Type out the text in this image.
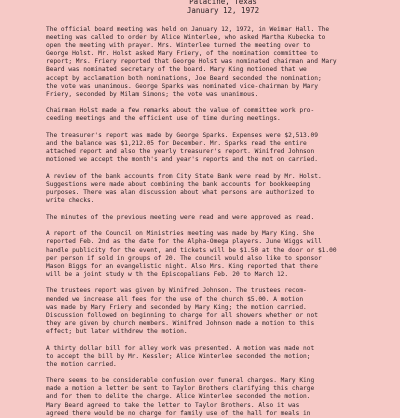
Palacine, Texas
January 12, 1972
The official board meeting was held on January 12, 1972, in Weimar Hall. The
meeting was called to order by Alice Winterlee, who asked Martha Kubecka to
open the meeting with prayer. Mrs. Winterlee turned the meeting over to
George Holst. Mr. Holst asked Mary Friery, of the nomination committee to
report; Mrs. Friery reported that George Holst was nominated chairman and Mary
Beard was nominated secretary of the board. Mary King motioned that we
accept by acclamation both nominations, Joe Beard seconded the nomination;
the vote was unanimous. George Sparks was nominated vice-chairman by Mary
Friery, seconded by Milam Simons; the vote was unanimous.
Chairman Holst made a few remarks about the value of committee work pro-
ceeding meetings and the efficient use of time during meetings.
The treasurer's report was made by George Sparks. Expenses were $2,513.09
and the balance was $1,212.05 for December. Mr. Sparks read the entire
attached report and also the yearly treasurer's report. Winifred Johnson
motioned we accept the month's and year's reports and the mot on carried.
A review of the bank accounts from City State Bank were read by Mr. Holst.
Suggestions were made about combining the bank accounts for bookkeeping
purposes. There was alan discussion about what persons are authorized to
write checks.
The minutes of the previous meeting were read and were approved as read.
A report of the Council on Ministries meeting was made by Mary King. She
reported Feb. 2nd as the date for the Alpha-Omega players. June Wiggs will
handle publicity for the event, and tickets will be $1.50 at the door or $1.00
per person if sold in groups of 20. The council would also like to sponsor
Mason Biggs for an evangelistic night. Also Mrs. King reported that there
will be a joint study w th the Episcopalians Feb. 20 to March 12.
The trustees report was given by Winifred Johnson. The trustees recom-
mended we increase all fees for the use of the church $5.00. A motion
was made by Mary Friery and seconded by Mary King; the motion carried.
Discussion followed on beginning to charge for all showers whether or not
they are given by church members. Winifred Johnson made a motion to this
effect; but later withdrew the motion.
A thirty dollar bill for alley work was presented. A motion was made not
to accept the bill by Mr. Kessler; Alice Winterlee seconded the motion;
the motion carried.
There seems to be considerable confusion over funeral charges. Mary King
made a motion a letter be sent to Taylor Brothers clarifying this charge
and for them to delite the charge. Alice Winterlee seconded the motion.
Mary Beard agreed to take the letter to Taylor Brothers. Also it was
agreed there would be no charge for family use of the hall for meals in
